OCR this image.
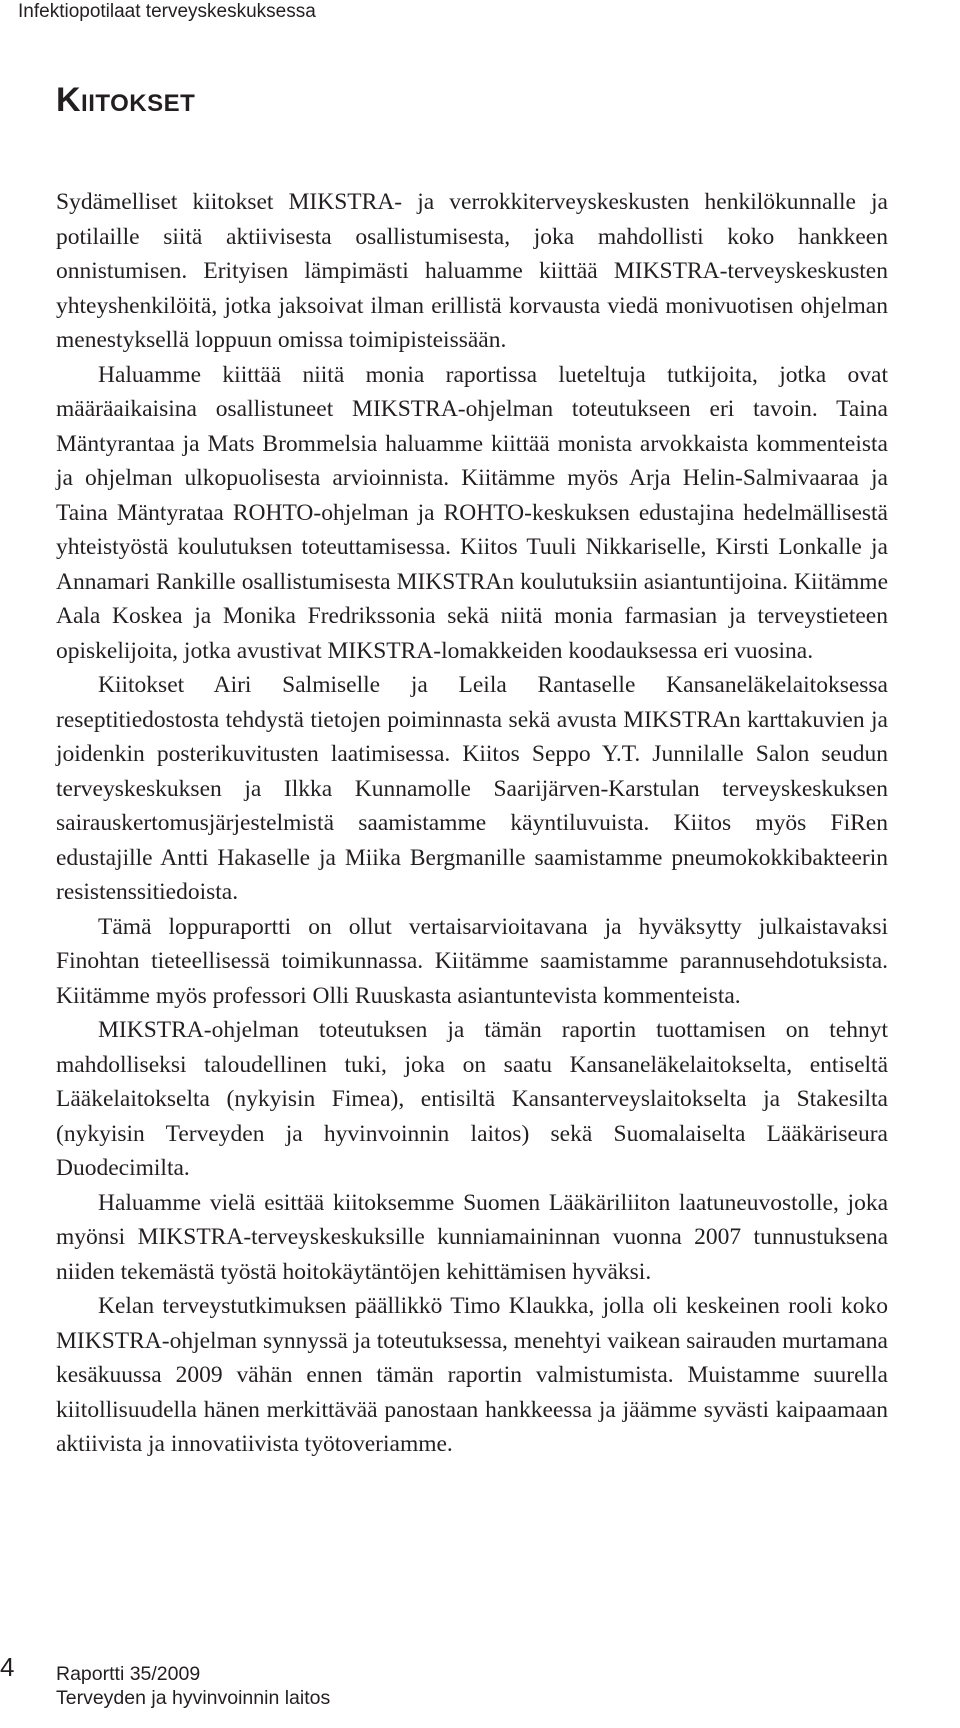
Infektiopotilaat terveyskeskuksessa
Kiitokset

Sydämelliset kiitokset MIKSTRA- ja verrokkiterveyskeskusten henkilökunnalle ja potilaille siitä aktiivisesta osallistumisesta, joka mahdollisti koko hankkeen onnistumisen. Erityisen lämpimästi haluamme kiittää MIKSTRA-terveyskeskusten yhteyshenkilöitä, jotka jaksoivat ilman erillistä korvausta viedä monivuotisen ohjelman menestyksellä loppuun omissa toimipisteissään.

Haluamme kiittää niitä monia raportissa lueteltuja tutkijoita, jotka ovat määräaikaisina osallistuneet MIKSTRA-ohjelman toteutukseen eri tavoin. Taina Mäntyrantaa ja Mats Brommelsia haluamme kiittää monista arvokkaista kommenteista ja ohjelman ulkopuolisesta arvioinnista. Kiitämme myös Arja Helin-Salmivaaraa ja Taina Mäntyrataa ROHTO-ohjelman ja ROHTO-keskuksen edustajina hedelmällisestä yhteistyöstä koulutuksen toteuttamisessa. Kiitos Tuuli Nikkariselle, Kirsti Lonkalle ja Annamari Rankille osallistumisesta MIKSTRAn koulutuksiin asiantuntijoina. Kiitämme Aala Koskea ja Monika Fredrikssonia sekä niitä monia farmasian ja terveystieteen opiskelijoita, jotka avustivat MIKSTRA-lomakkeiden koodauksessa eri vuosina.

Kiitokset Airi Salmiselle ja Leila Rantaselle Kansaneläkelaitoksessa reseptitiedostosta tehdystä tietojen poiminnasta sekä avusta MIKSTRAn karttakuvien ja joidenkin posterikuvitusten laatimisessa. Kiitos Seppo Y.T. Junnilalle Salon seudun terveyskeskuksen ja Ilkka Kunnamolle Saarijärven-Karstulan terveyskeskuksen sairauskertomusjärjestelmistä saamistamme käyntiluvuista. Kiitos myös FiRen edustajille Antti Hakaselle ja Miika Bergmanille saamistamme pneumokokkibakteerin resistenssitiedoista.

Tämä loppuraportti on ollut vertaisarvioitavana ja hyväksytty julkaistavaksi Finohtan tieteellisessä toimikunnassa. Kiitämme saamistamme parannusehdotuksista. Kiitämme myös professori Olli Ruuskasta asiantuntevista kommenteista.

MIKSTRA-ohjelman toteutuksen ja tämän raportin tuottamisen on tehnyt mahdolliseksi taloudellinen tuki, joka on saatu Kansaneläkelaitokselta, entiseltä Lääkelaitokselta (nykyisin Fimea), entisiltä Kansanterveyslaitokselta ja Stakesilta (nykyisin Terveyden ja hyvinvoinnin laitos) sekä Suomalaiselta Lääkäriseura Duodecimilta.

Haluamme vielä esittää kiitoksemme Suomen Lääkäriliiton laatuneuvostolle, joka myönsi MIKSTRA-terveyskeskuksille kunniamaininnan vuonna 2007 tunnustuksena niiden tekemästä työstä hoitokäytäntöjen kehittämisen hyväksi.

Kelan terveystutkimuksen päällikkö Timo Klaukka, jolla oli keskeinen rooli koko MIKSTRA-ohjelman synnyssä ja toteutuksessa, menehtyi vaikean sairauden murtamana kesäkuussa 2009 vähän ennen tämän raportin valmistumista. Muistamme suurella kiitollisuudella hänen merkittävää panostaan hankkeessa ja jäämme syvästi kaipaamaan aktiivista ja innovatiivista työtoveriamme.

4 Raportti 35/2009
Terveyden ja hyvinvoinnin laitos
